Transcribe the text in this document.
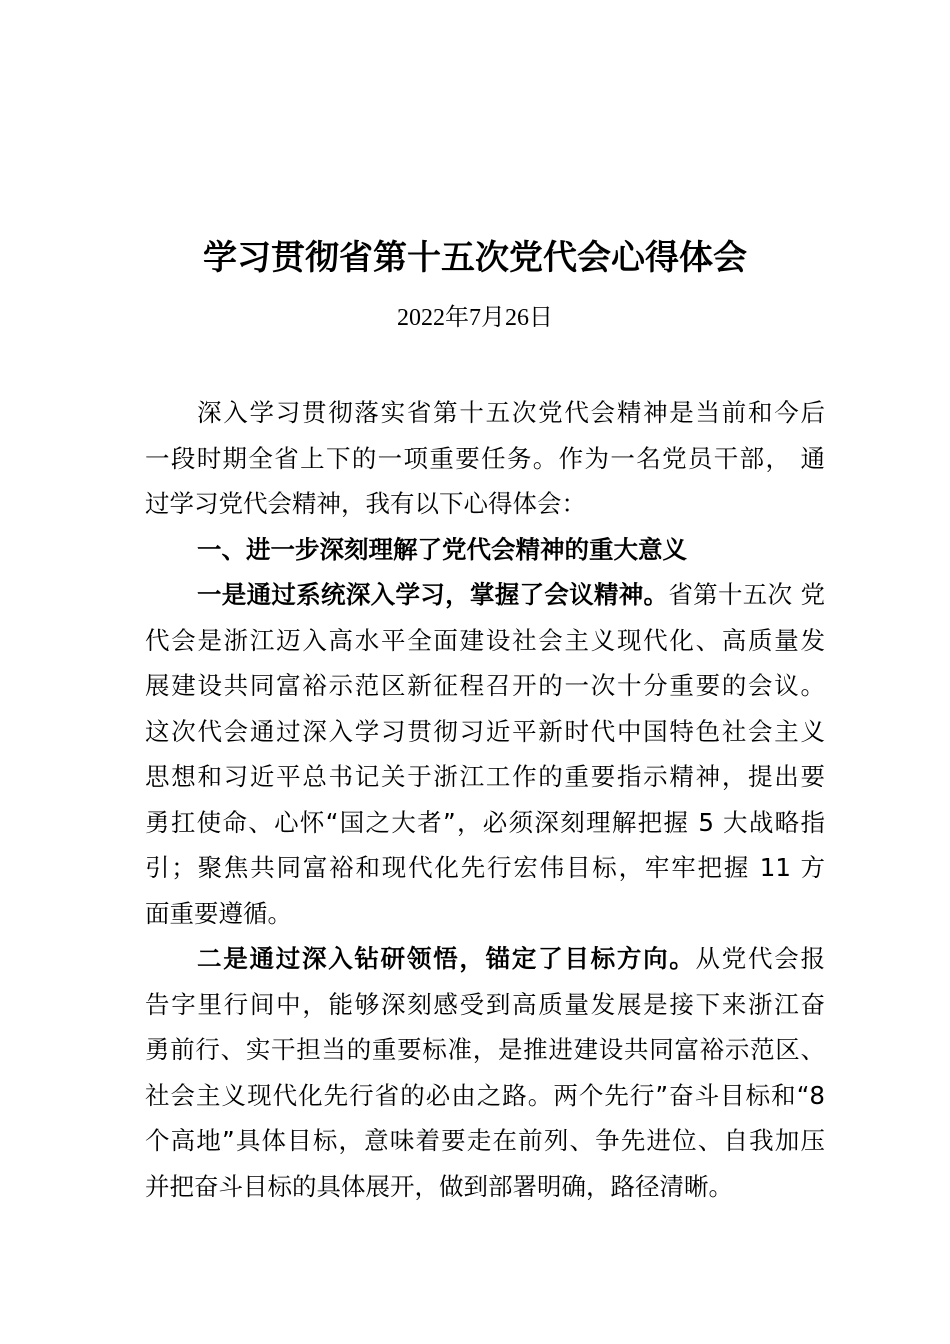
学习贯彻省第十五次党代会心得体会
2022年7月26日
深入学习贯彻落实省第十五次党代会精神是当前和今后
一段时期全省上下的一项重要任务。作为一名党员干部， 通
过学习党代会精神，我有以下心得体会：
一、进一步深刻理解了党代会精神的重大意义
一是通过系统深入学习，掌握了会议精神。省第十五次 党
代会是浙江迈入高水平全面建设社会主义现代化、高质量发
展建设共同富裕示范区新征程召开的一次十分重要的会议。
这次代会通过深入学习贯彻习近平新时代中国特色社会主义
思想和习近平总书记关于浙江工作的重要指示精神，提出要
勇扛使命、心怀“国之大者”，必须深刻理解把握 5 大战略指
引；聚焦共同富裕和现代化先行宏伟目标，牢牢把握 11 方
面重要遵循。
二是通过深入钻研领悟，锚定了目标方向。从党代会报
告字里行间中，能够深刻感受到高质量发展是接下来浙江奋
勇前行、实干担当的重要标准，是推进建设共同富裕示范区、
社会主义现代化先行省的必由之路。两个先行”奋斗目标和“8
个高地”具体目标，意味着要走在前列、争先进位、自我加压
并把奋斗目标的具体展开，做到部署明确，路径清晰。
